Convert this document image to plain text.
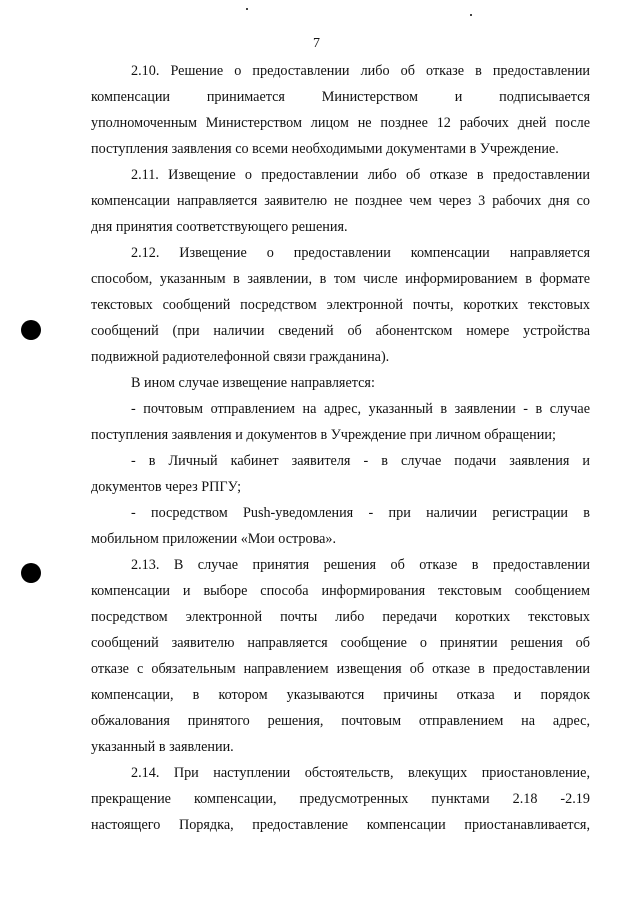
7
2.10. Решение о предоставлении либо об отказе в предоставлении
компенсации принимается Министерством и подписывается
уполномоченным Министерством лицом не позднее 12 рабочих дней после
поступления заявления со всеми необходимыми документами в Учреждение.
2.11. Извещение о предоставлении либо об отказе в предоставлении
компенсации направляется заявителю не позднее чем через 3 рабочих дня со
дня принятия соответствующего решения.
2.12. Извещение о предоставлении компенсации направляется
способом, указанным в заявлении, в том числе информированием в формате
текстовых сообщений посредством электронной почты, коротких текстовых
сообщений (при наличии сведений об абонентском номере устройства
подвижной радиотелефонной связи гражданина).
В ином случае извещение направляется:
- почтовым отправлением на адрес, указанный в заявлении - в случае
поступления заявления и документов в Учреждение при личном обращении;
- в Личный кабинет заявителя - в случае подачи заявления и
документов через РПГУ;
- посредством Push-уведомления - при наличии регистрации в
мобильном приложении «Мои острова».
2.13. В случае принятия решения об отказе в предоставлении
компенсации и выборе способа информирования текстовым сообщением
посредством электронной почты либо передачи коротких текстовых
сообщений заявителю направляется сообщение о принятии решения об
отказе с обязательным направлением извещения об отказе в предоставлении
компенсации, в котором указываются причины отказа и порядок
обжалования принятого решения, почтовым отправлением на адрес,
указанный в заявлении.
2.14. При наступлении обстоятельств, влекущих приостановление,
прекращение компенсации, предусмотренных пунктами 2.18 -2.19
настоящего Порядка, предоставление компенсации приостанавливается,
